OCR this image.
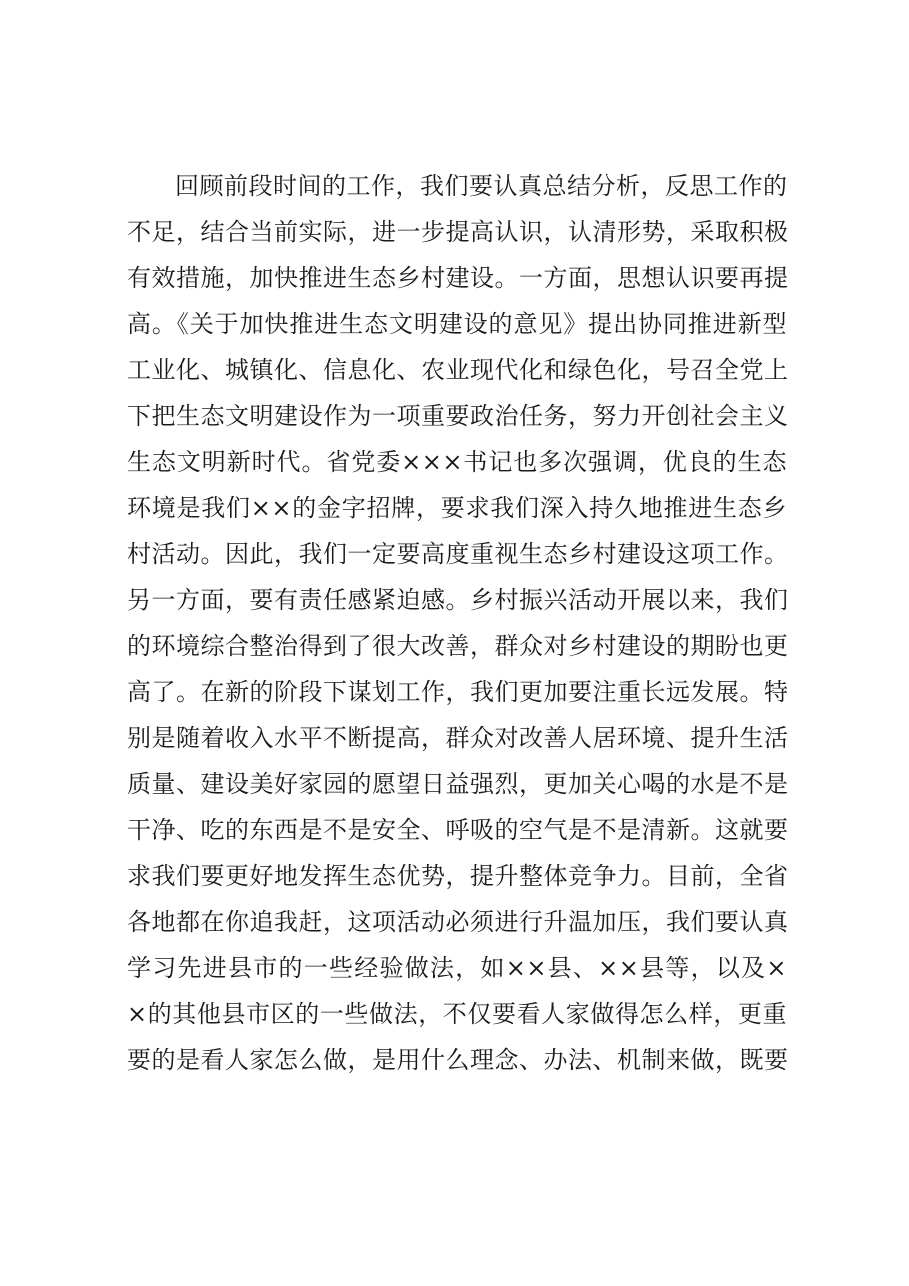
回顾前段时间的工作，我们要认真总结分析，反思工作的
不足，结合当前实际，进一步提高认识，认清形势，采取积极
有效措施，加快推进生态乡村建设。一方面，思想认识要再提
高。《关于加快推进生态文明建设的意见》提出协同推进新型
工业化、城镇化、信息化、农业现代化和绿色化，号召全党上
下把生态文明建设作为一项重要政治任务，努力开创社会主义
生态文明新时代。省党委×××书记也多次强调，优良的生态
环境是我们××的金字招牌，要求我们深入持久地推进生态乡
村活动。因此，我们一定要高度重视生态乡村建设这项工作。
另一方面，要有责任感紧迫感。乡村振兴活动开展以来，我们
的环境综合整治得到了很大改善，群众对乡村建设的期盼也更
高了。在新的阶段下谋划工作，我们更加要注重长远发展。特
别是随着收入水平不断提高，群众对改善人居环境、提升生活
质量、建设美好家园的愿望日益强烈，更加关心喝的水是不是
干净、吃的东西是不是安全、呼吸的空气是不是清新。这就要
求我们要更好地发挥生态优势，提升整体竞争力。目前，全省
各地都在你追我赶，这项活动必须进行升温加压，我们要认真
学习先进县市的一些经验做法，如××县、××县等，以及×
×的其他县市区的一些做法，不仅要看人家做得怎么样，更重
要的是看人家怎么做，是用什么理念、办法、机制来做，既要
